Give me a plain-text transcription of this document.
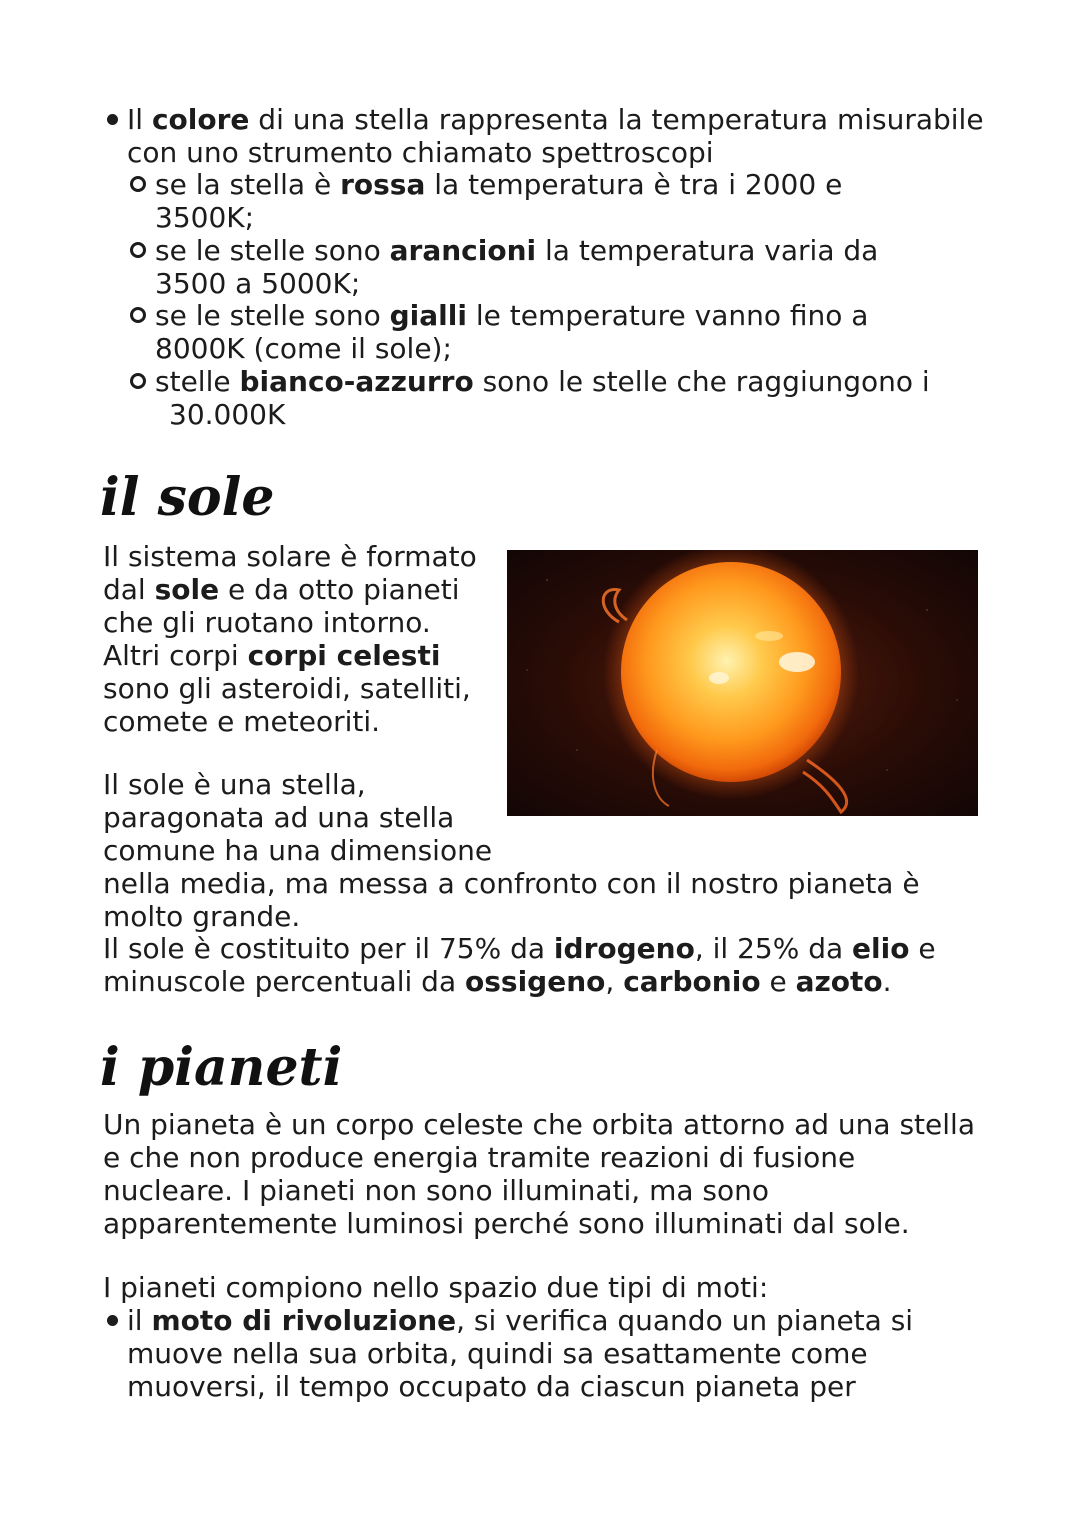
Il colore di una stella rappresenta la temperatura misurabile

con uno strumento chiamato spettroscopi

se la stella è rossa la temperatura è tra i 2000 e

3500K;

se le stelle sono arancioni la temperatura varia da

3500 a 5000K;

se le stelle sono gialli le temperature vanno fino a

8000K (come il sole);

stelle bianco-azzurro sono le stelle che raggiungono i

30.000K

il sole

Il sistema solare è formato

dal sole e da otto pianeti

che gli ruotano intorno.

Altri corpi corpi celesti

sono gli asteroidi, satelliti,

comete e meteoriti.

Il sole è una stella,

paragonata ad una stella

comune ha una dimensione

nella media, ma messa a confronto con il nostro pianeta è

molto grande.

Il sole è costituito per il 75% da idrogeno, il 25% da elio e

minuscole percentuali da ossigeno, carbonio e azoto.

i pianeti

Un pianeta è un corpo celeste che orbita attorno ad una stella

e che non produce energia tramite reazioni di fusione

nucleare. I pianeti non sono illuminati, ma sono

apparentemente luminosi perché sono illuminati dal sole.

I pianeti compiono nello spazio due tipi di moti:

il moto di rivoluzione, si verifica quando un pianeta si

muove nella sua orbita, quindi sa esattamente come

muoversi, il tempo occupato da ciascun pianeta per
